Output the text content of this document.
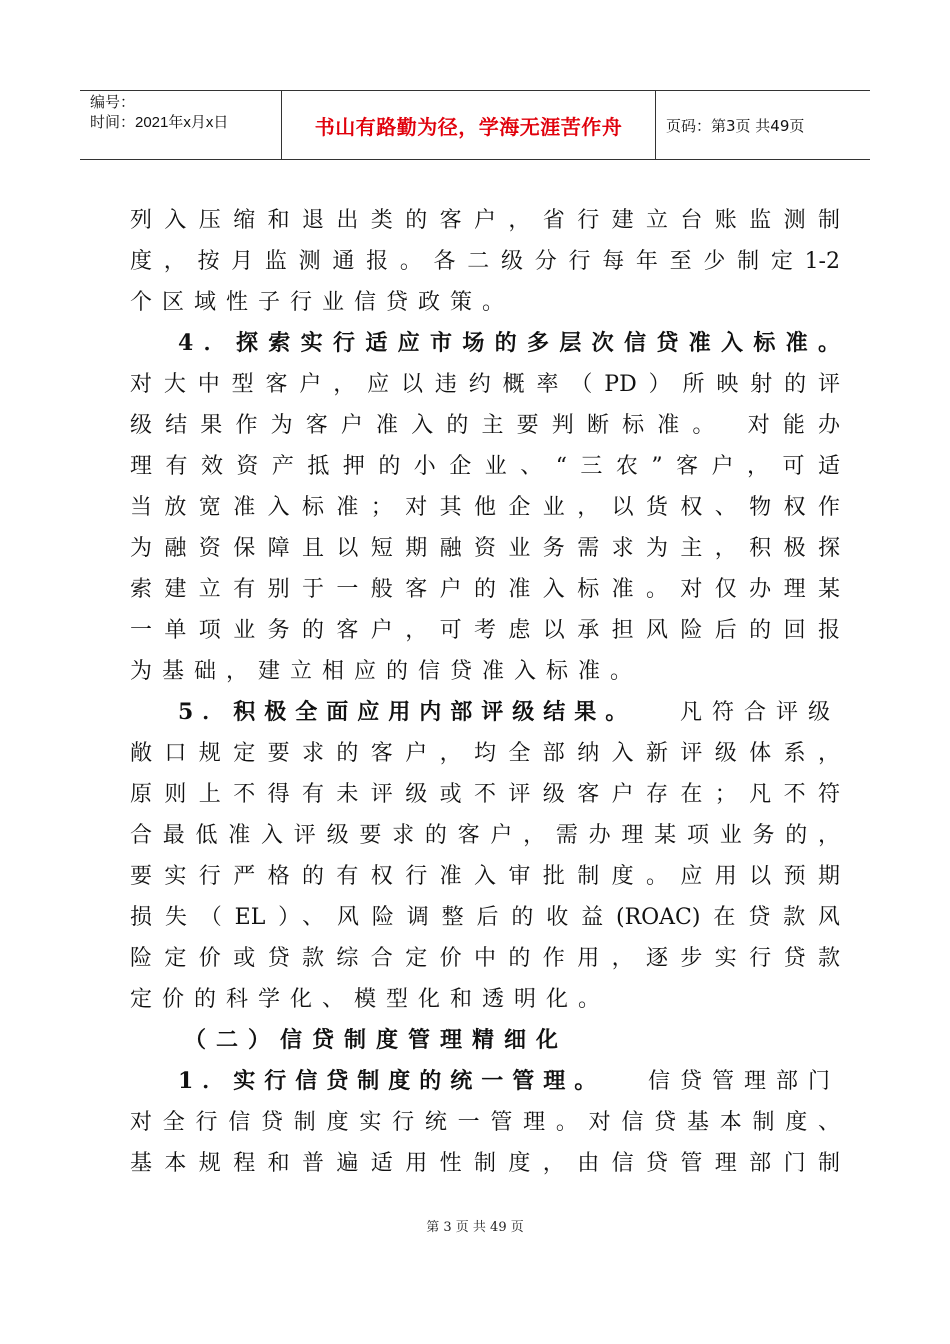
编号：
时间：2021年x月x日	书山有路勤为径，学海无涯苦作舟	页码：第3页 共49页
列入压缩和退出类的客户，省行建立台账监测制
度，按月监测通报。各二级分行每年至少制定1-2
个区域性子行业信贷政策。
4．探索实行适应市场的多层次信贷准入标准。
对大中型客户，应以违约概率（PD）所映射的评
级结果作为客户准入的主要判断标准。 对能办
理有效资产抵押的小企业、“三农”客户，可适
当放宽准入标准；对其他企业，以货权、物权作
为融资保障且以短期融资业务需求为主，积极探
索建立有别于一般客户的准入标准。对仅办理某
一单项业务的客户，可考虑以承担风险后的回报
为基础，建立相应的信贷准入标准。
5．积极全面应用内部评级结果。 凡符合评级
敞口规定要求的客户，均全部纳入新评级体系，
原则上不得有未评级或不评级客户存在；凡不符
合最低准入评级要求的客户，需办理某项业务的，
要实行严格的有权行准入审批制度。应用以预期
损失（EL）、风险调整后的收益(ROAC)在贷款风
险定价或贷款综合定价中的作用，逐步实行贷款
定价的科学化、模型化和透明化。
（二）信贷制度管理精细化
1．实行信贷制度的统一管理。 信贷管理部门
对全行信贷制度实行统一管理。对信贷基本制度、
基本规程和普遍适用性制度，由信贷管理部门制
第 3 页 共 49 页
